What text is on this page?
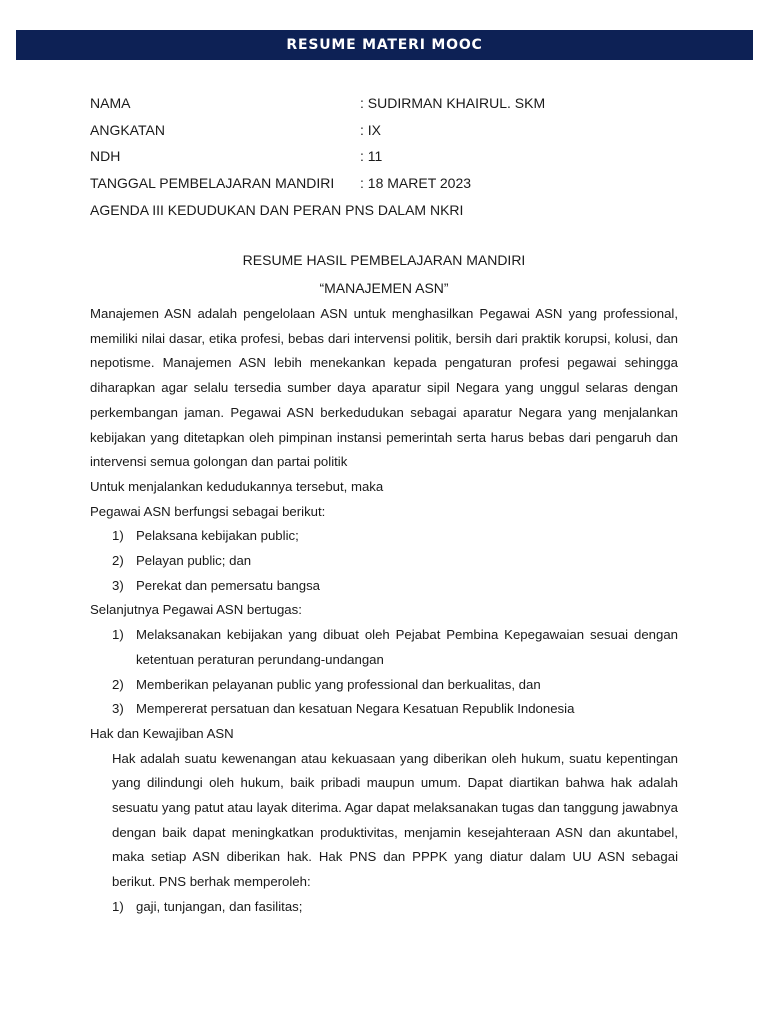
RESUME MATERI MOOC
NAMA	: SUDIRMAN KHAIRUL. SKM
ANGKATAN	: IX
NDH	: 11
TANGGAL PEMBELAJARAN MANDIRI	: 18 MARET 2023
AGENDA III KEDUDUKAN DAN PERAN PNS DALAM NKRI
RESUME HASIL PEMBELAJARAN MANDIRI
“MANAJEMEN ASN”

Manajemen ASN adalah pengelolaan ASN untuk menghasilkan Pegawai ASN yang professional, memiliki nilai dasar, etika profesi, bebas dari intervensi politik, bersih dari praktik korupsi, kolusi, dan nepotisme. Manajemen ASN lebih menekankan kepada pengaturan profesi pegawai sehingga diharapkan agar selalu tersedia sumber daya aparatur sipil Negara yang unggul selaras dengan perkembangan jaman. Pegawai ASN berkedudukan sebagai aparatur Negara yang menjalankan kebijakan yang ditetapkan oleh pimpinan instansi pemerintah serta harus bebas dari pengaruh dan intervensi semua golongan dan partai politik

Untuk menjalankan kedudukannya tersebut, maka

Pegawai ASN berfungsi sebagai berikut:

1) Pelaksana kebijakan public;
2) Pelayan public; dan
3) Perekat dan pemersatu bangsa

Selanjutnya Pegawai ASN bertugas:

1) Melaksanakan kebijakan yang dibuat oleh Pejabat Pembina Kepegawaian sesuai dengan ketentuan peraturan perundang-undangan
2) Memberikan pelayanan public yang professional dan berkualitas, dan
3) Mempererat persatuan dan kesatuan Negara Kesatuan Republik Indonesia

Hak dan Kewajiban ASN

Hak adalah suatu kewenangan atau kekuasaan yang diberikan oleh hukum, suatu kepentingan yang dilindungi oleh hukum, baik pribadi maupun umum. Dapat diartikan bahwa hak adalah sesuatu yang patut atau layak diterima. Agar dapat melaksanakan tugas dan tanggung jawabnya dengan baik dapat meningkatkan produktivitas, menjamin kesejahteraan ASN dan akuntabel, maka setiap ASN diberikan hak. Hak PNS dan PPPK yang diatur dalam UU ASN sebagai berikut. PNS berhak memperoleh:

1) gaji, tunjangan, dan fasilitas;
